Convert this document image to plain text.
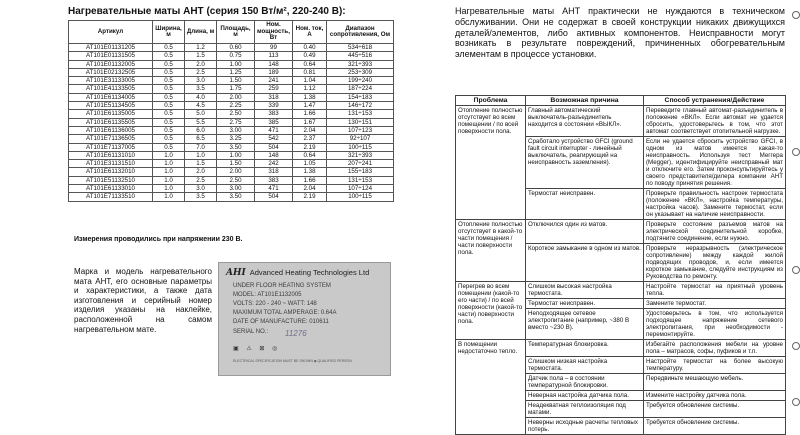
Нагревательные маты АНТ (серия 150 Вт/м², 220-240 В):
Артикул	Ширина, м	Длина, м	Площадь, м	Ном. мощность, Вт	Ном. ток, А	Диапазон сопротивления, Ом
AT101E01131205	0.5	1.2	0.60	99	0.40	534÷618
AT101E01131505	0.5	1.5	0.75	113	0.49	445÷516
AT101E01132005	0.5	2.0	1.00	148	0.64	321÷393
AT101E02132505	0.5	2.5	1.25	189	0.81	253÷309
AT101E31133005	0.5	3.0	1.50	241	1.04	199÷240
AT101E41133505	0.5	3.5	1.75	259	1.12	187÷224
AT101E61134005	0.5	4.0	2.00	318	1.38	154÷183
AT101E51134505	0.5	4.5	2.25	339	1.47	146÷172
AT101E61135005	0.5	5.0	2.50	383	1.66	131÷153
AT101E61135505	0.5	5.5	2.75	385	1.67	130÷151
AT101E61136005	0.5	6.0	3.00	471	2.04	107÷123
AT101E71136505	0.5	6.5	3.25	542	2.37	92÷107
AT101E71137005	0.5	7.0	3.50	504	2.19	100÷115
AT101E61131010	1.0	1.0	1.00	148	0.64	321÷393
AT101E31131510	1.0	1.5	1.50	242	1.05	207÷241
AT101E61132010	1.0	2.0	2.00	318	1.38	155÷183
AT101E51132510	1.0	2.5	2.50	383	1.66	131÷153
AT101E61133010	1.0	3.0	3.00	471	2.04	107÷124
AT101E71133510	1.0	3.5	3.50	504	2.19	100÷115
Измерения проводились при напряжении 230 В.
Марка и модель нагревательного мата АНТ, его основные параметры и характеристики, а также дата изготовления и серийный номер изделия указаны на наклейке, расположенной на самом нагревательном мате.
AHI Advanced Heating Technologies Ltd
UNDER FLOOR HEATING SYSTEM
MODEL: AT101E1132005
VOLTS: 220 - 240 ~ WATT: 148
MAXIMUM TOTAL AMPERAGE: 0.64A
DATE OF MANUFACTURE: 010611
SERIAL NO.: 11276
▣ ⚠ ⊠ ◎
ELECTRICAL SPECIFICATION MUST BE SHOWN ◆ QUALIFIED PERSON
Нагревательные маты АНТ практически не нуждаются в техническом обслуживании. Они не содержат в своей конструкции никаких движущихся деталей/элементов, либо активных компонентов. Неисправности могут возникать в результате повреждений, причиненных обогревательным элементам в процессе установки.
Проблема	Возможная причина	Способ устранения/Действие
Отопление полностью отсутствует во всем помещении / по всей поверхности пола.	Главный автоматический выключатель-разъединитель находится в состоянии «ВЫКЛ».	Переведите главный автомат-разъединитель в положение «ВКЛ». Если автомат не удается сбросить, удостоверьтесь в том, что этот автомат соответствует отопительной нагрузке.
	Сработало устройство GFCI (ground fault circuit interrupter - линейный выключатель, реагирующий на неисправность заземления).	Если не удается сбросить устройство GFCI, в одном из матов имеется какая-то неисправность. Используя тест Меггера (Megger), идентифицируйте неисправный мат и отключите его. Затем проконсультируйтесь у своего представителя/дилера компании AHT по поводу принятия решения.
	Термостат неисправен.	Проверьте правильность настроек термостата (положение «ВКЛ», настройка температуры, настройка часов). Замените термостат, если он указывает на наличие неисправности.
Отопление полностью отсутствует в какой-то части помещения / части поверхности пола.	Отключился один из матов.	Проверьте состояние разъемов матов на электрической соединительной коробке, подтяните соединение, если нужно.
	Короткое замыкание в одном из матов.	Проверьте неразрывность (электрическое сопротивление) между каждой жилой подводящих проводов, и, если имеется короткое замыкание, следуйте инструкциям из Руководства по ремонту.
Перегрев во всем помещении (какой-то его части) / по всей поверхности (какой-то части) поверхности пола.	Слишком высокая настройка термостата.	Настройте термостат на приятный уровень тепла.
	Термостат неисправен.	Замените термостат.
	Неподходящее сетевое электропитание (например, ~380 В вместо ~230 В).	Удостоверьтесь в том, что используется подходящее напряжение сетевого электропитания, при необходимости - перемонтируйте.
В помещении недостаточно тепло.	Температурная блокировка.	Избегайте расположения мебели на уровне пола – матрасов, софы, пуфиков и т.п.
	Слишком низкая настройка термостата.	Настройте термостат на более высокую температуру.
	Датчик пола – в состоянии температурной блокировки.	Передвиньте мешающую мебель.
	Неверная настройка датчика пола.	Измените настройку датчика пола.
	Неадекватная теплоизоляция под матами.	Требуется обновление системы.
	Неверны исходные расчеты тепловых потерь.	Требуется обновление системы.
